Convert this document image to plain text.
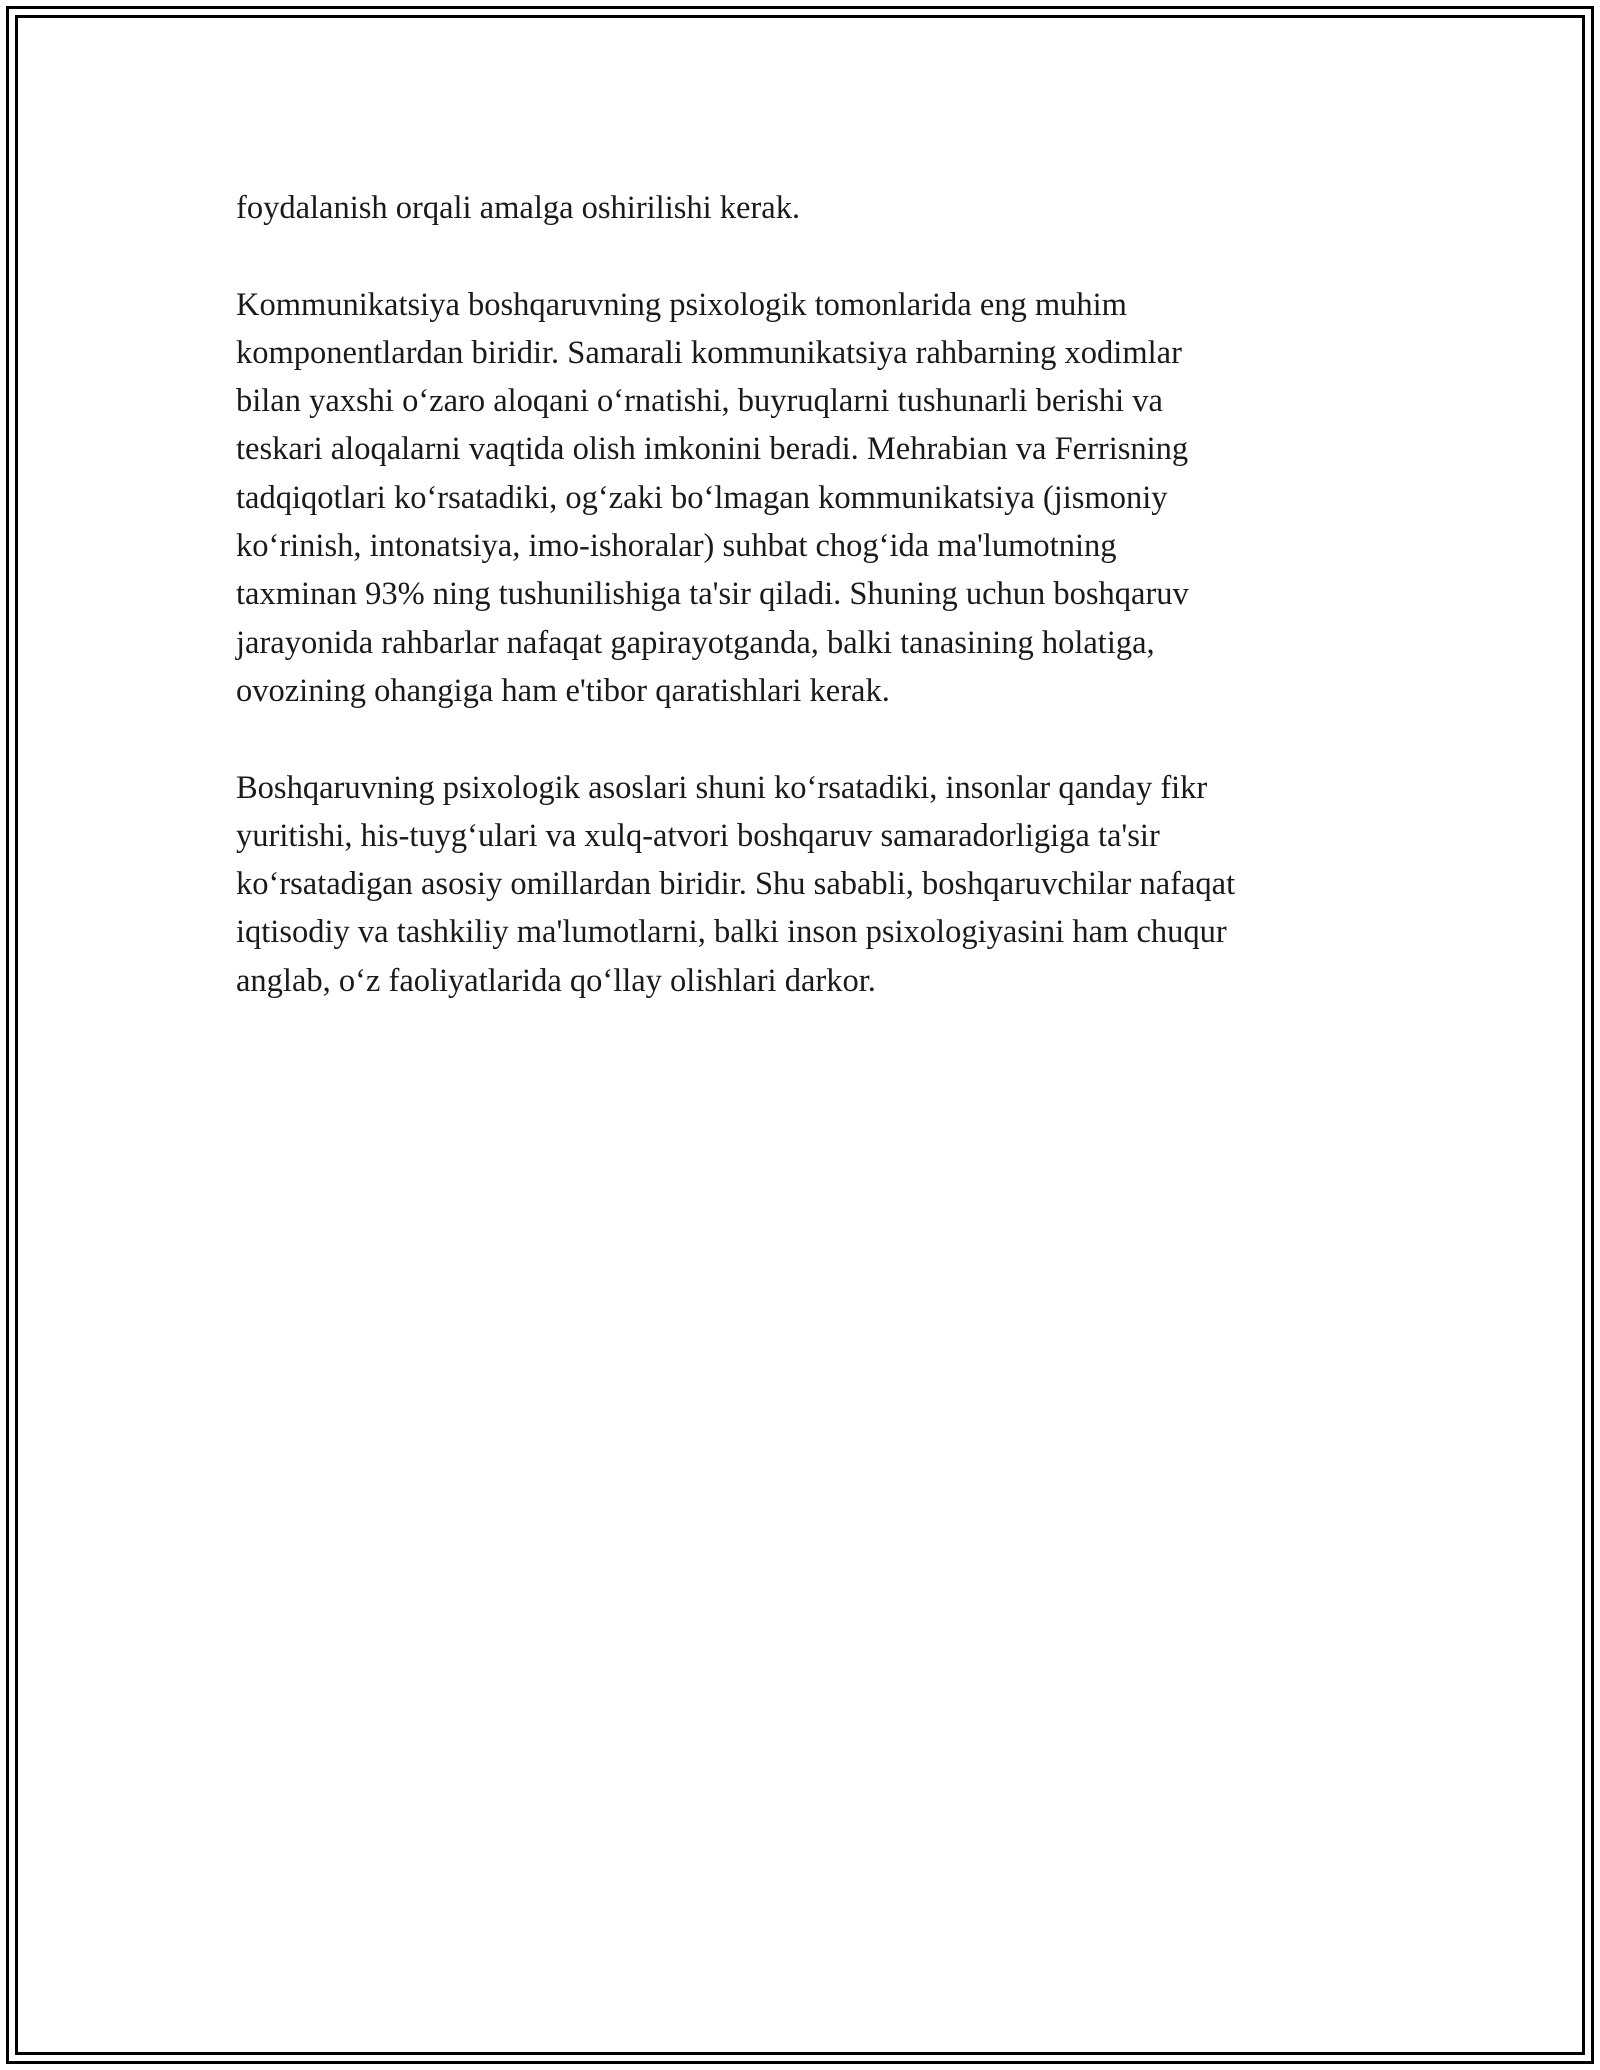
foydalanish orqali amalga oshirilishi kerak.

Kommunikatsiya boshqaruvning psixologik tomonlarida eng muhim
komponentlardan biridir. Samarali kommunikatsiya rahbarning xodimlar
bilan yaxshi o‘zaro aloqani o‘rnatishi, buyruqlarni tushunarli berishi va
teskari aloqalarni vaqtida olish imkonini beradi. Mehrabian va Ferrisning
tadqiqotlari ko‘rsatadiki, og‘zaki bo‘lmagan kommunikatsiya (jismoniy
ko‘rinish, intonatsiya, imo-ishoralar) suhbat chog‘ida ma'lumotning
taxminan 93% ning tushunilishiga ta'sir qiladi. Shuning uchun boshqaruv
jarayonida rahbarlar nafaqat gapirayotganda, balki tanasining holatiga,
ovozining ohangiga ham e'tibor qaratishlari kerak.

Boshqaruvning psixologik asoslari shuni ko‘rsatadiki, insonlar qanday fikr
yuritishi, his-tuyg‘ulari va xulq-atvori boshqaruv samaradorligiga ta'sir
ko‘rsatadigan asosiy omillardan biridir. Shu sababli, boshqaruvchilar nafaqat
iqtisodiy va tashkiliy ma'lumotlarni, balki inson psixologiyasini ham chuqur
anglab, o‘z faoliyatlarida qo‘llay olishlari darkor.
